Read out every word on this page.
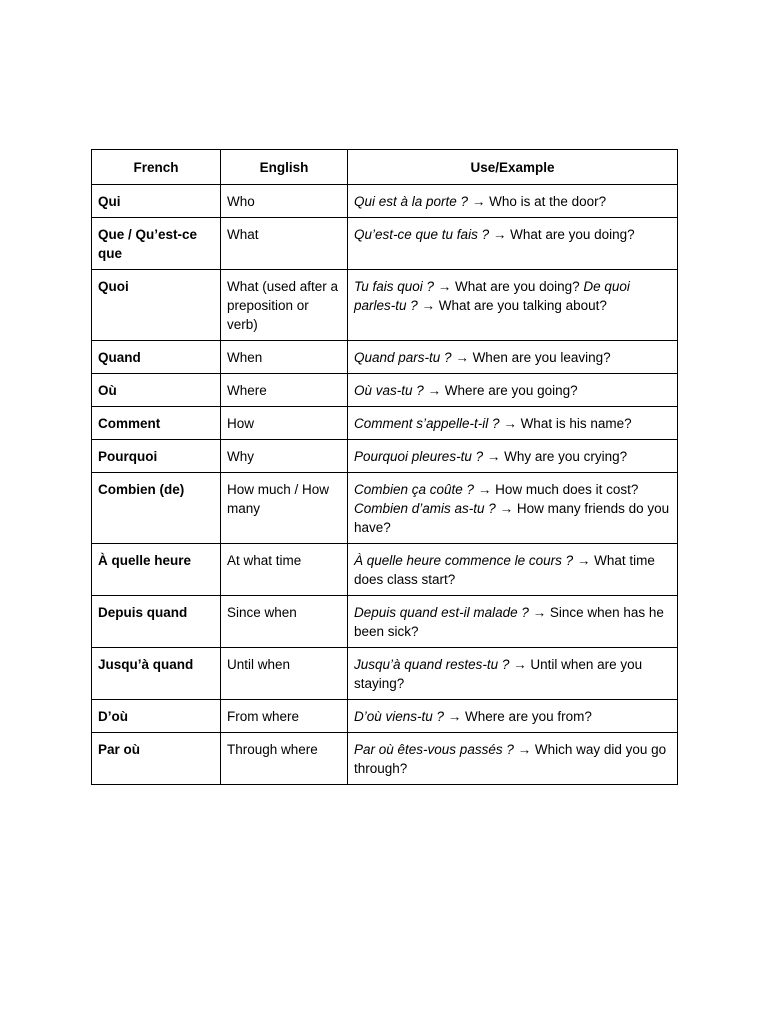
French	English	Use/Example
Qui	Who	Qui est à la porte ? → Who is at the door?
Que / Qu’est-ce que	What	Qu’est-ce que tu fais ? → What are you doing?
Quoi	What (used after a preposition or verb)	Tu fais quoi ? → What are you doing? De quoi parles-tu ? → What are you talking about?
Quand	When	Quand pars-tu ? → When are you leaving?
Où	Where	Où vas-tu ? → Where are you going?
Comment	How	Comment s’appelle-t-il ? → What is his name?
Pourquoi	Why	Pourquoi pleures-tu ? → Why are you crying?
Combien (de)	How much / How many	Combien ça coûte ? → How much does it cost? Combien d’amis as-tu ? → How many friends do you have?
À quelle heure	At what time	À quelle heure commence le cours ? → What time does class start?
Depuis quand	Since when	Depuis quand est-il malade ? → Since when has he been sick?
Jusqu’à quand	Until when	Jusqu’à quand restes-tu ? → Until when are you staying?
D’où	From where	D’où viens-tu ? → Where are you from?
Par où	Through where	Par où êtes-vous passés ? → Which way did you go through?
